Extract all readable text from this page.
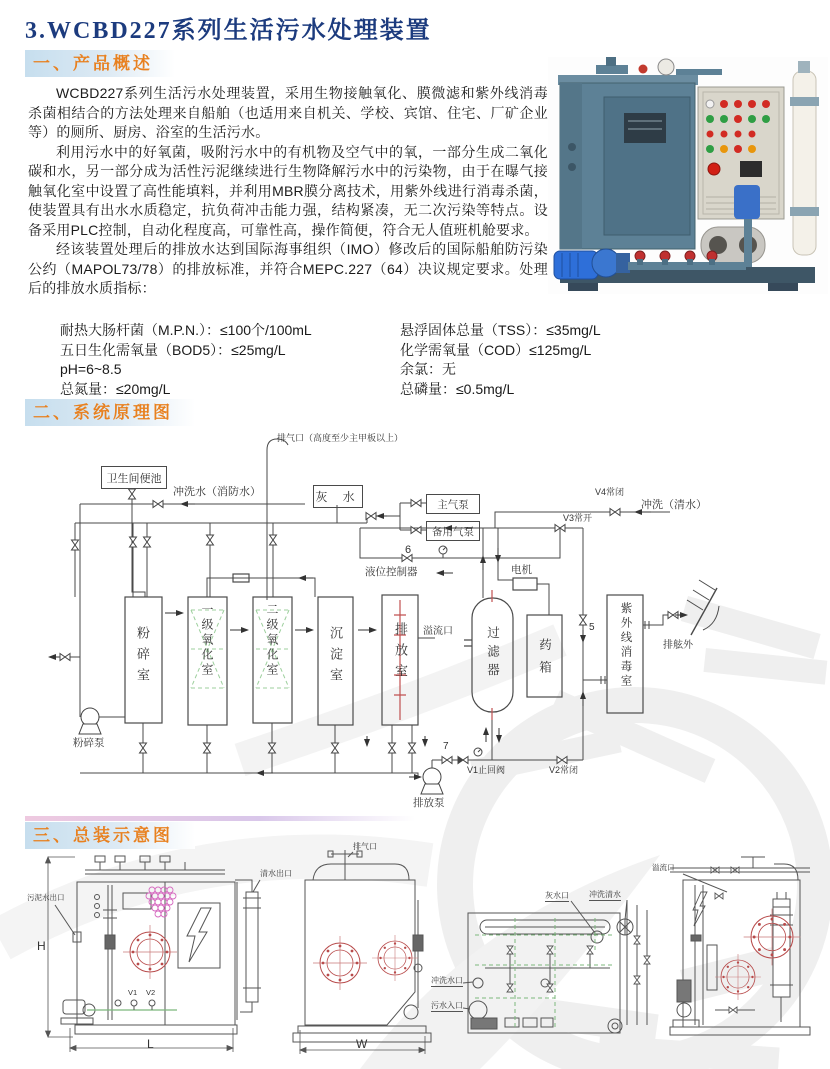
3.WCBD227系列生活污水处理装置
一、产品概述

WCBD227系列生活污水处理装置，采用生物接触氧化、膜微滤和紫外线消毒杀菌相结合的方法处理来自船舶（也适用来自机关、学校、宾馆、住宅、厂矿企业等）的厕所、厨房、浴室的生活污水。

利用污水中的好氧菌，吸附污水中的有机物及空气中的氧，一部分生成二氧化碳和水，另一部分成为活性污泥继续进行生物降解污水中的污染物，由于在曝气接触氧化室中设置了高性能填料，并利用MBR膜分离技术，用紫外线进行消毒杀菌，使装置具有出水水质稳定，抗负荷冲击能力强，结构紧凑，无二次污染等特点。设备采用PLC控制，自动化程度高，可靠性高，操作简便，符合无人值班机舱要求。

经该装置处理后的排放水达到国际海事组织（IMO）修改后的国际船舶防污染公约（MAPOL73/78）的排放标准，并符合MEPC.227（64）决议规定要求。处理后的排放水质指标：

耐热大肠杆菌（M.P.N.）：≤100个/100mL
五日生化需氧量（BOD5）：≤25mg/L
pH=6~8.5
总氮量：≤20mg/L
悬浮固体总量（TSS）：≤35mg/L
化学需氧量（COD）≤125mg/L
余氯：无
总磷量：≤0.5mg/L
二、系统原理图
排气口（高度至少主甲板以上）
卫生间便池
冲洗水（消防水）	灰 水
主气泵
备用气泵
V4常闭
冲洗（清水）
V3常开
6
液位控制器	电机
粉碎室	一级氧化室	二级氧化室	沉淀室	排放室 溢流口	过滤器	药箱	紫外线消毒室
5
排舷外
7
V1止回阀	V2常闭
粉碎泵
排放泵
三、总装示意图
污泥水出口
清水出口
H
L
V1 V2
排气口
W
灰水口	冲洗清水
冲洗水口
污水入口
溢流口
